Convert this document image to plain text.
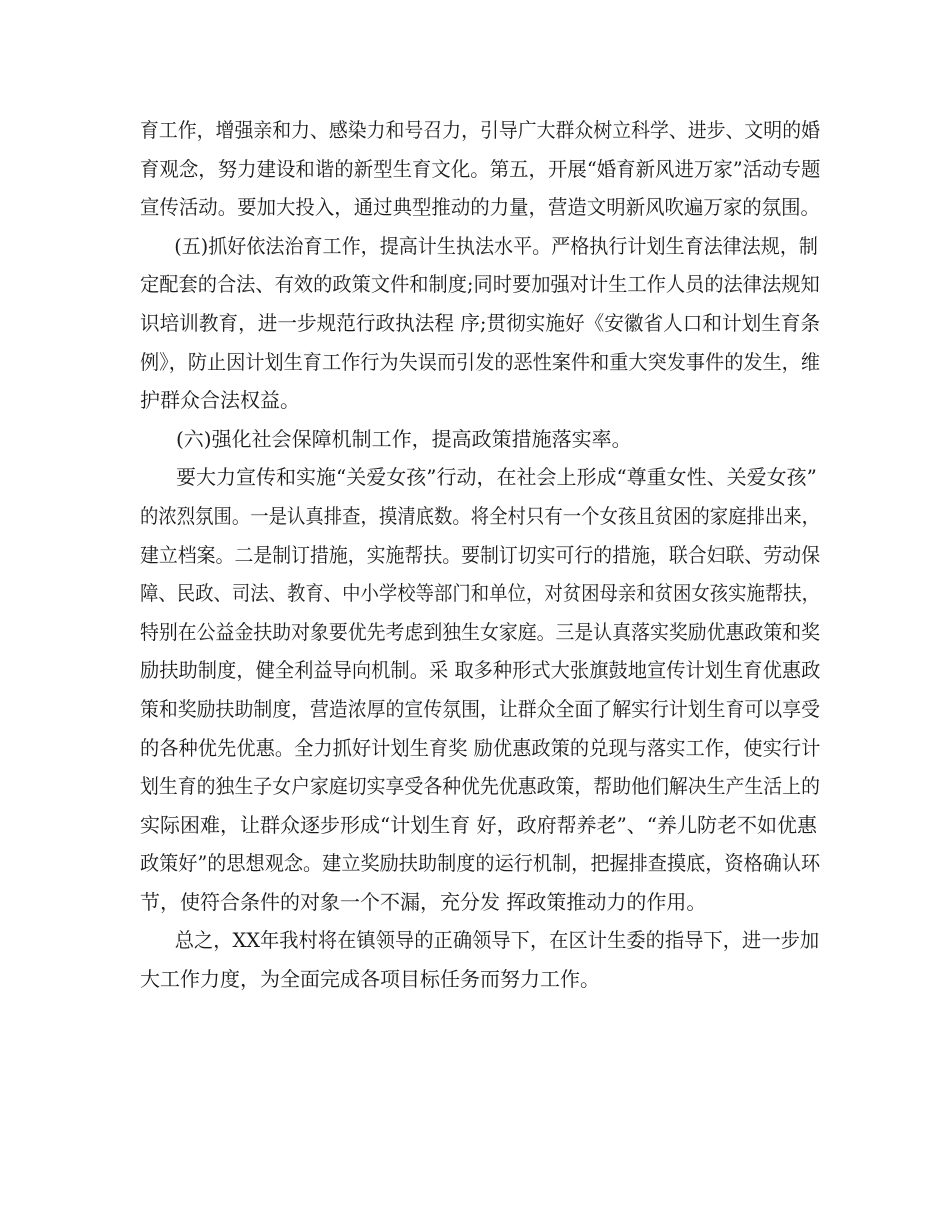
育工作，增强亲和力、感染力和号召力，引导广大群众树立科学、进步、文明的婚
育观念，努力建设和谐的新型生育文化。第五，开展“婚育新风进万家”活动专题
宣传活动。要加大投入，通过典型推动的力量，营造文明新风吹遍万家的氛围。
(五)抓好依法治育工作，提高计生执法水平。严格执行计划生育法律法规，制
定配套的合法、有效的政策文件和制度;同时要加强对计生工作人员的法律法规知
识培训教育，进一步规范行政执法程 序;贯彻实施好《安徽省人口和计划生育条
例》，防止因计划生育工作行为失误而引发的恶性案件和重大突发事件的发生，维
护群众合法权益。
(六)强化社会保障机制工作，提高政策措施落实率。
要大力宣传和实施“关爱女孩”行动，在社会上形成“尊重女性、关爱女孩”
的浓烈氛围。一是认真排查，摸清底数。将全村只有一个女孩且贫困的家庭排出来，
建立档案。二是制订措施，实施帮扶。要制订切实可行的措施，联合妇联、劳动保
障、民政、司法、教育、中小学校等部门和单位，对贫困母亲和贫困女孩实施帮扶，
特别在公益金扶助对象要优先考虑到独生女家庭。三是认真落实奖励优惠政策和奖
励扶助制度，健全利益导向机制。采 取多种形式大张旗鼓地宣传计划生育优惠政
策和奖励扶助制度，营造浓厚的宣传氛围，让群众全面了解实行计划生育可以享受
的各种优先优惠。全力抓好计划生育奖 励优惠政策的兑现与落实工作，使实行计
划生育的独生子女户家庭切实享受各种优先优惠政策，帮助他们解决生产生活上的
实际困难，让群众逐步形成“计划生育 好，政府帮养老”、“养儿防老不如优惠
政策好”的思想观念。建立奖励扶助制度的运行机制，把握排查摸底，资格确认环
节，使符合条件的对象一个不漏，充分发 挥政策推动力的作用。
总之，XX年我村将在镇领导的正确领导下，在区计生委的指导下，进一步加
大工作力度，为全面完成各项目标任务而努力工作。
